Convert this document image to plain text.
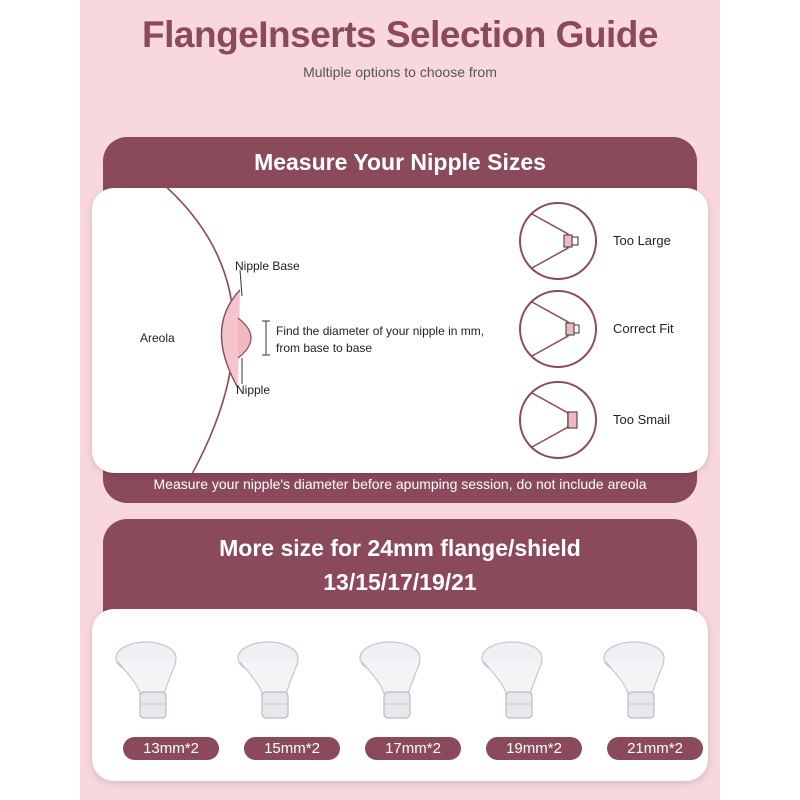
FlangeInserts Selection Guide
Multiple options to choose from
Measure Your Nipple Sizes
Nipple Base
Areola
Nipple
Find the diameter of your nipple in mm,
from base to base
Too Large
Correct Fit
Too Smail
Measure your nipple's diameter before apumping session, do not include areola
More size for 24mm flange/shield
13/15/17/19/21
13mm*2	15mm*2	17mm*2	19mm*2	21mm*2
